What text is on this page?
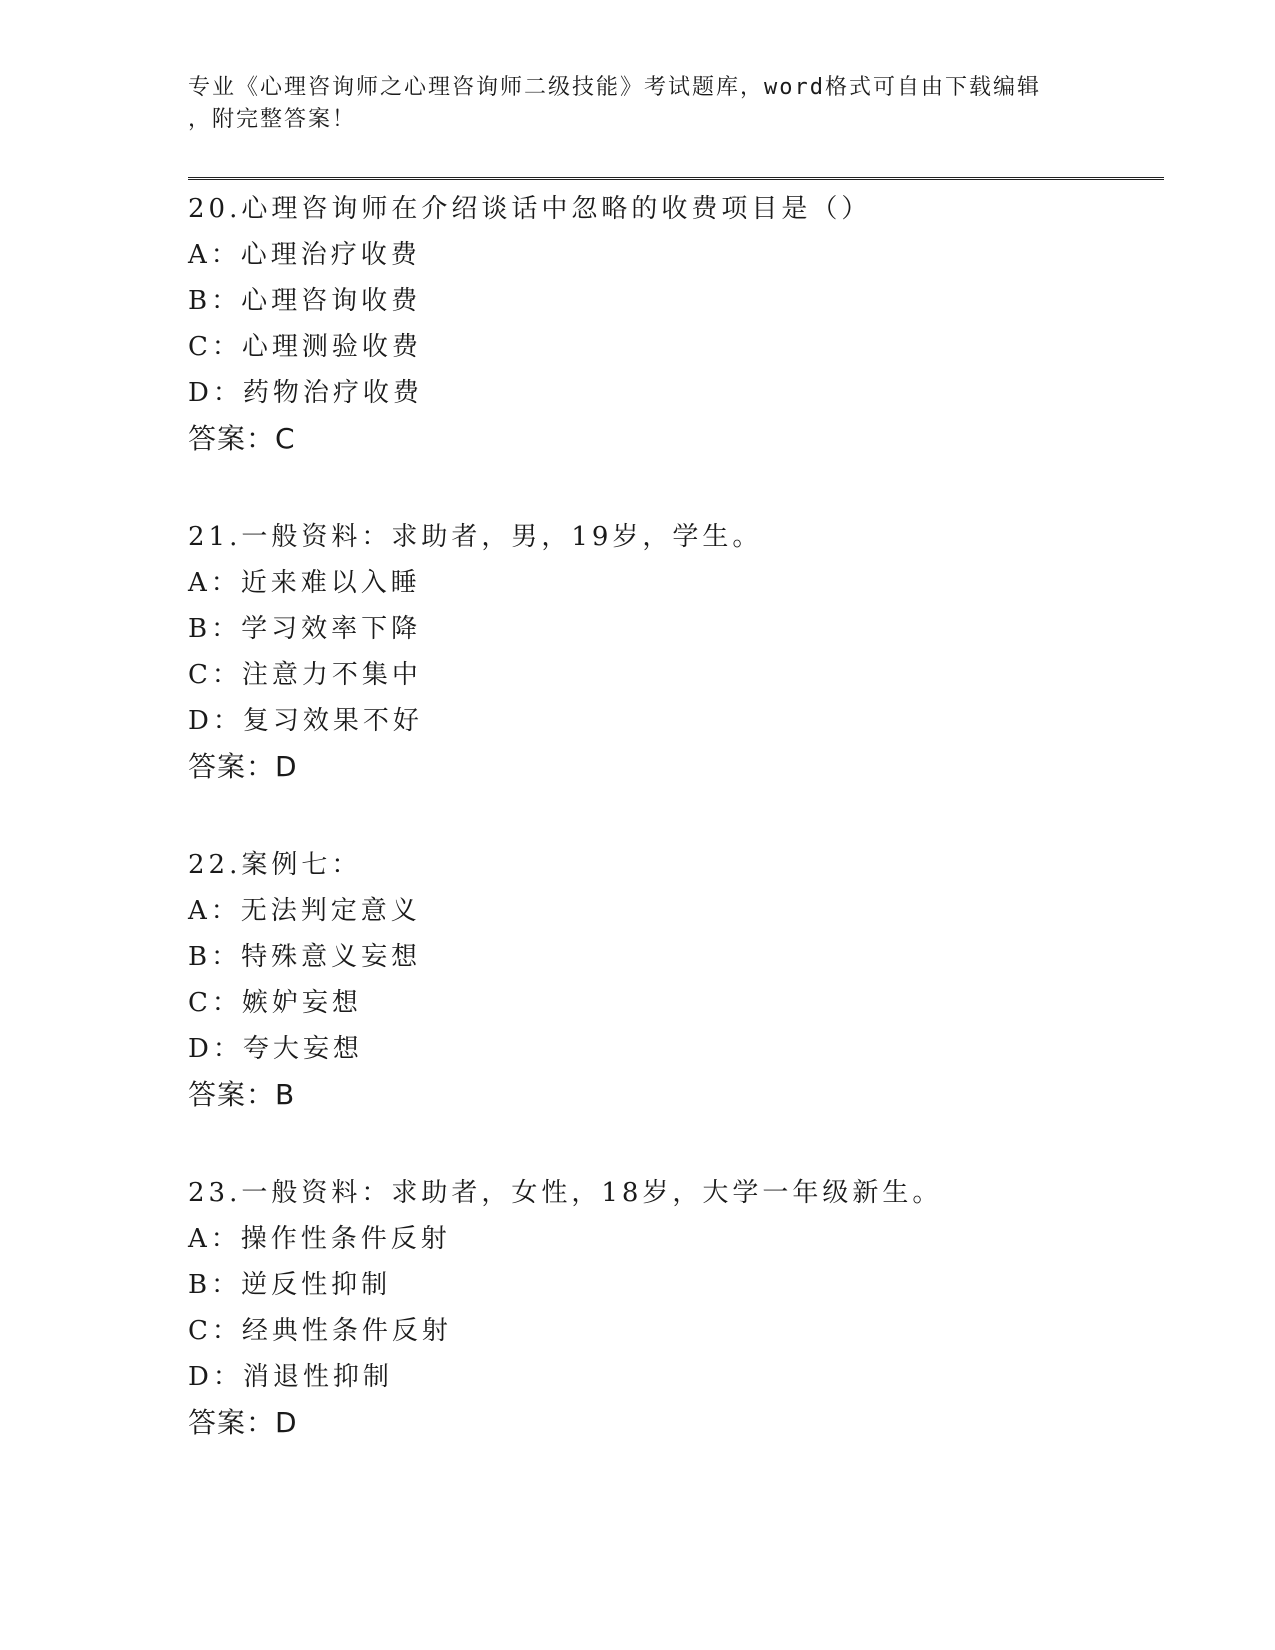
专业《心理咨询师之心理咨询师二级技能》考试题库，word格式可自由下载编辑
，附完整答案！
20.心理咨询师在介绍谈话中忽略的收费项目是（）
A：心理治疗收费
B：心理咨询收费
C：心理测验收费
D：药物治疗收费
答案：C
21.一般资料：求助者，男，19岁，学生。
A：近来难以入睡
B：学习效率下降
C：注意力不集中
D：复习效果不好
答案：D
22.案例七：
A：无法判定意义
B：特殊意义妄想
C：嫉妒妄想
D：夸大妄想
答案：B
23.一般资料：求助者，女性，18岁，大学一年级新生。
A：操作性条件反射
B：逆反性抑制
C：经典性条件反射
D：消退性抑制
答案：D
